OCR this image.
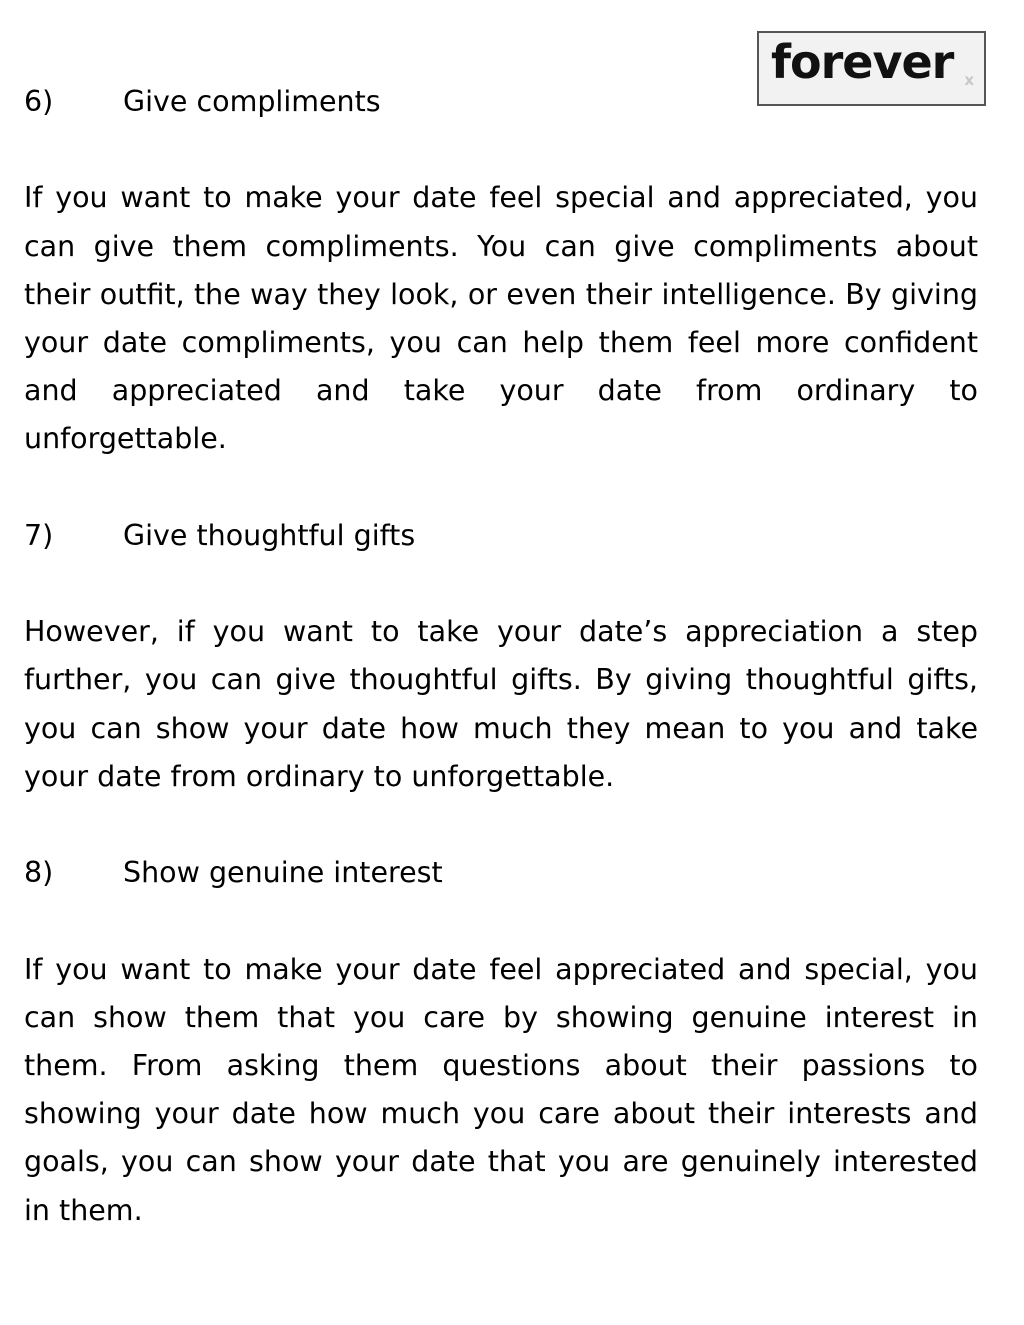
forever x
6)	Give compliments

If you want to make your date feel special and appreciated, you can give them compliments. You can give compliments about their outfit, the way they look, or even their intelligence. By giving your date compliments, you can help them feel more confident and appreciated and take your date from ordinary to unforgettable.

7)	Give thoughtful gifts

However, if you want to take your date’s appreciation a step further, you can give thoughtful gifts. By giving thoughtful gifts, you can show your date how much they mean to you and take your date from ordinary to unforgettable.

8)	Show genuine interest

If you want to make your date feel appreciated and special, you can show them that you care by showing genuine interest in them. From asking them questions about their passions to showing your date how much you care about their interests and goals, you can show your date that you are genuinely interested in them.
